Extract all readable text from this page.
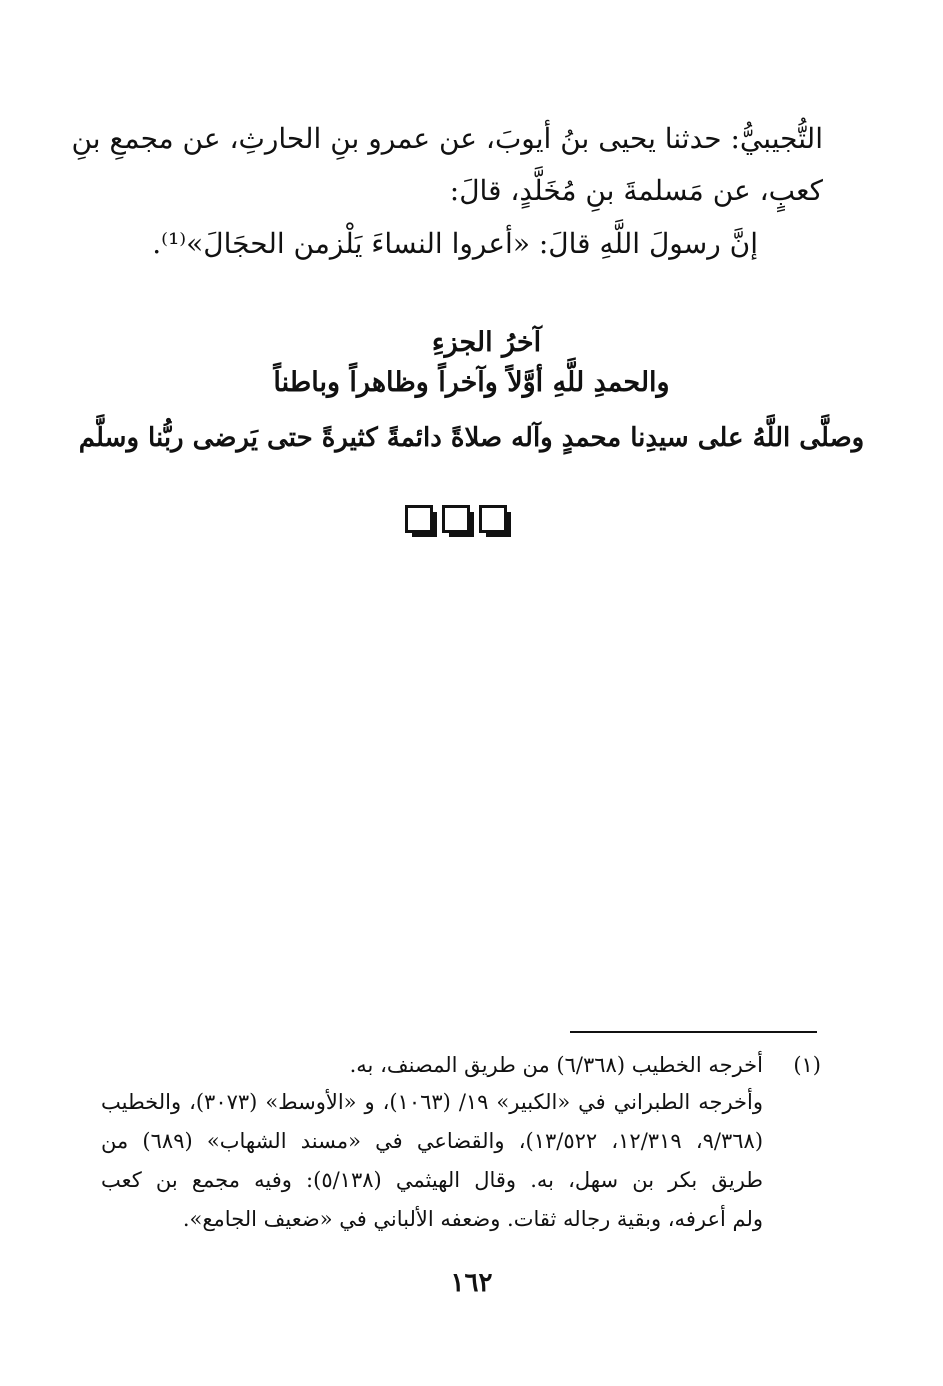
التُّجيبيُّ: حدثنا يحيى بنُ أيوبَ، عن عمرو بنِ الحارثِ، عن مجمعِ بنِ
كعبٍ، عن مَسلمةَ بنِ مُخَلَّدٍ، قالَ:
إنَّ رسولَ اللَّهِ قالَ: «أعروا النساءَ يَلْزمن الحجَالَ»⁽¹⁾.
آخرُ الجزءِ
والحمدِ للَّهِ أوَّلاً وآخراً وظاهراً وباطناً
وصلَّى اللَّهُ على سيدِنا محمدٍ وآله صلاةً دائمةً كثيرةً حتى يَرضى ربُّنا وسلَّم
(١)
أخرجه الخطيب (٦/٣٦٨) من طريق المصنف، به.
وأخرجه الطبراني في «الكبير» ١٩/ (١٠٦٣)، و «الأوسط» (٣٠٧٣)، والخطيب
(٩/٣٦٨، ١٢/٣١٩، ١٣/٥٢٢)، والقضاعي في «مسند الشهاب» (٦٨٩) من
طريق بكر بن سهل، به. وقال الهيثمي (٥/١٣٨): وفيه مجمع بن كعب
ولم أعرفه، وبقية رجاله ثقات. وضعفه الألباني في «ضعيف الجامع».
١٦٢
